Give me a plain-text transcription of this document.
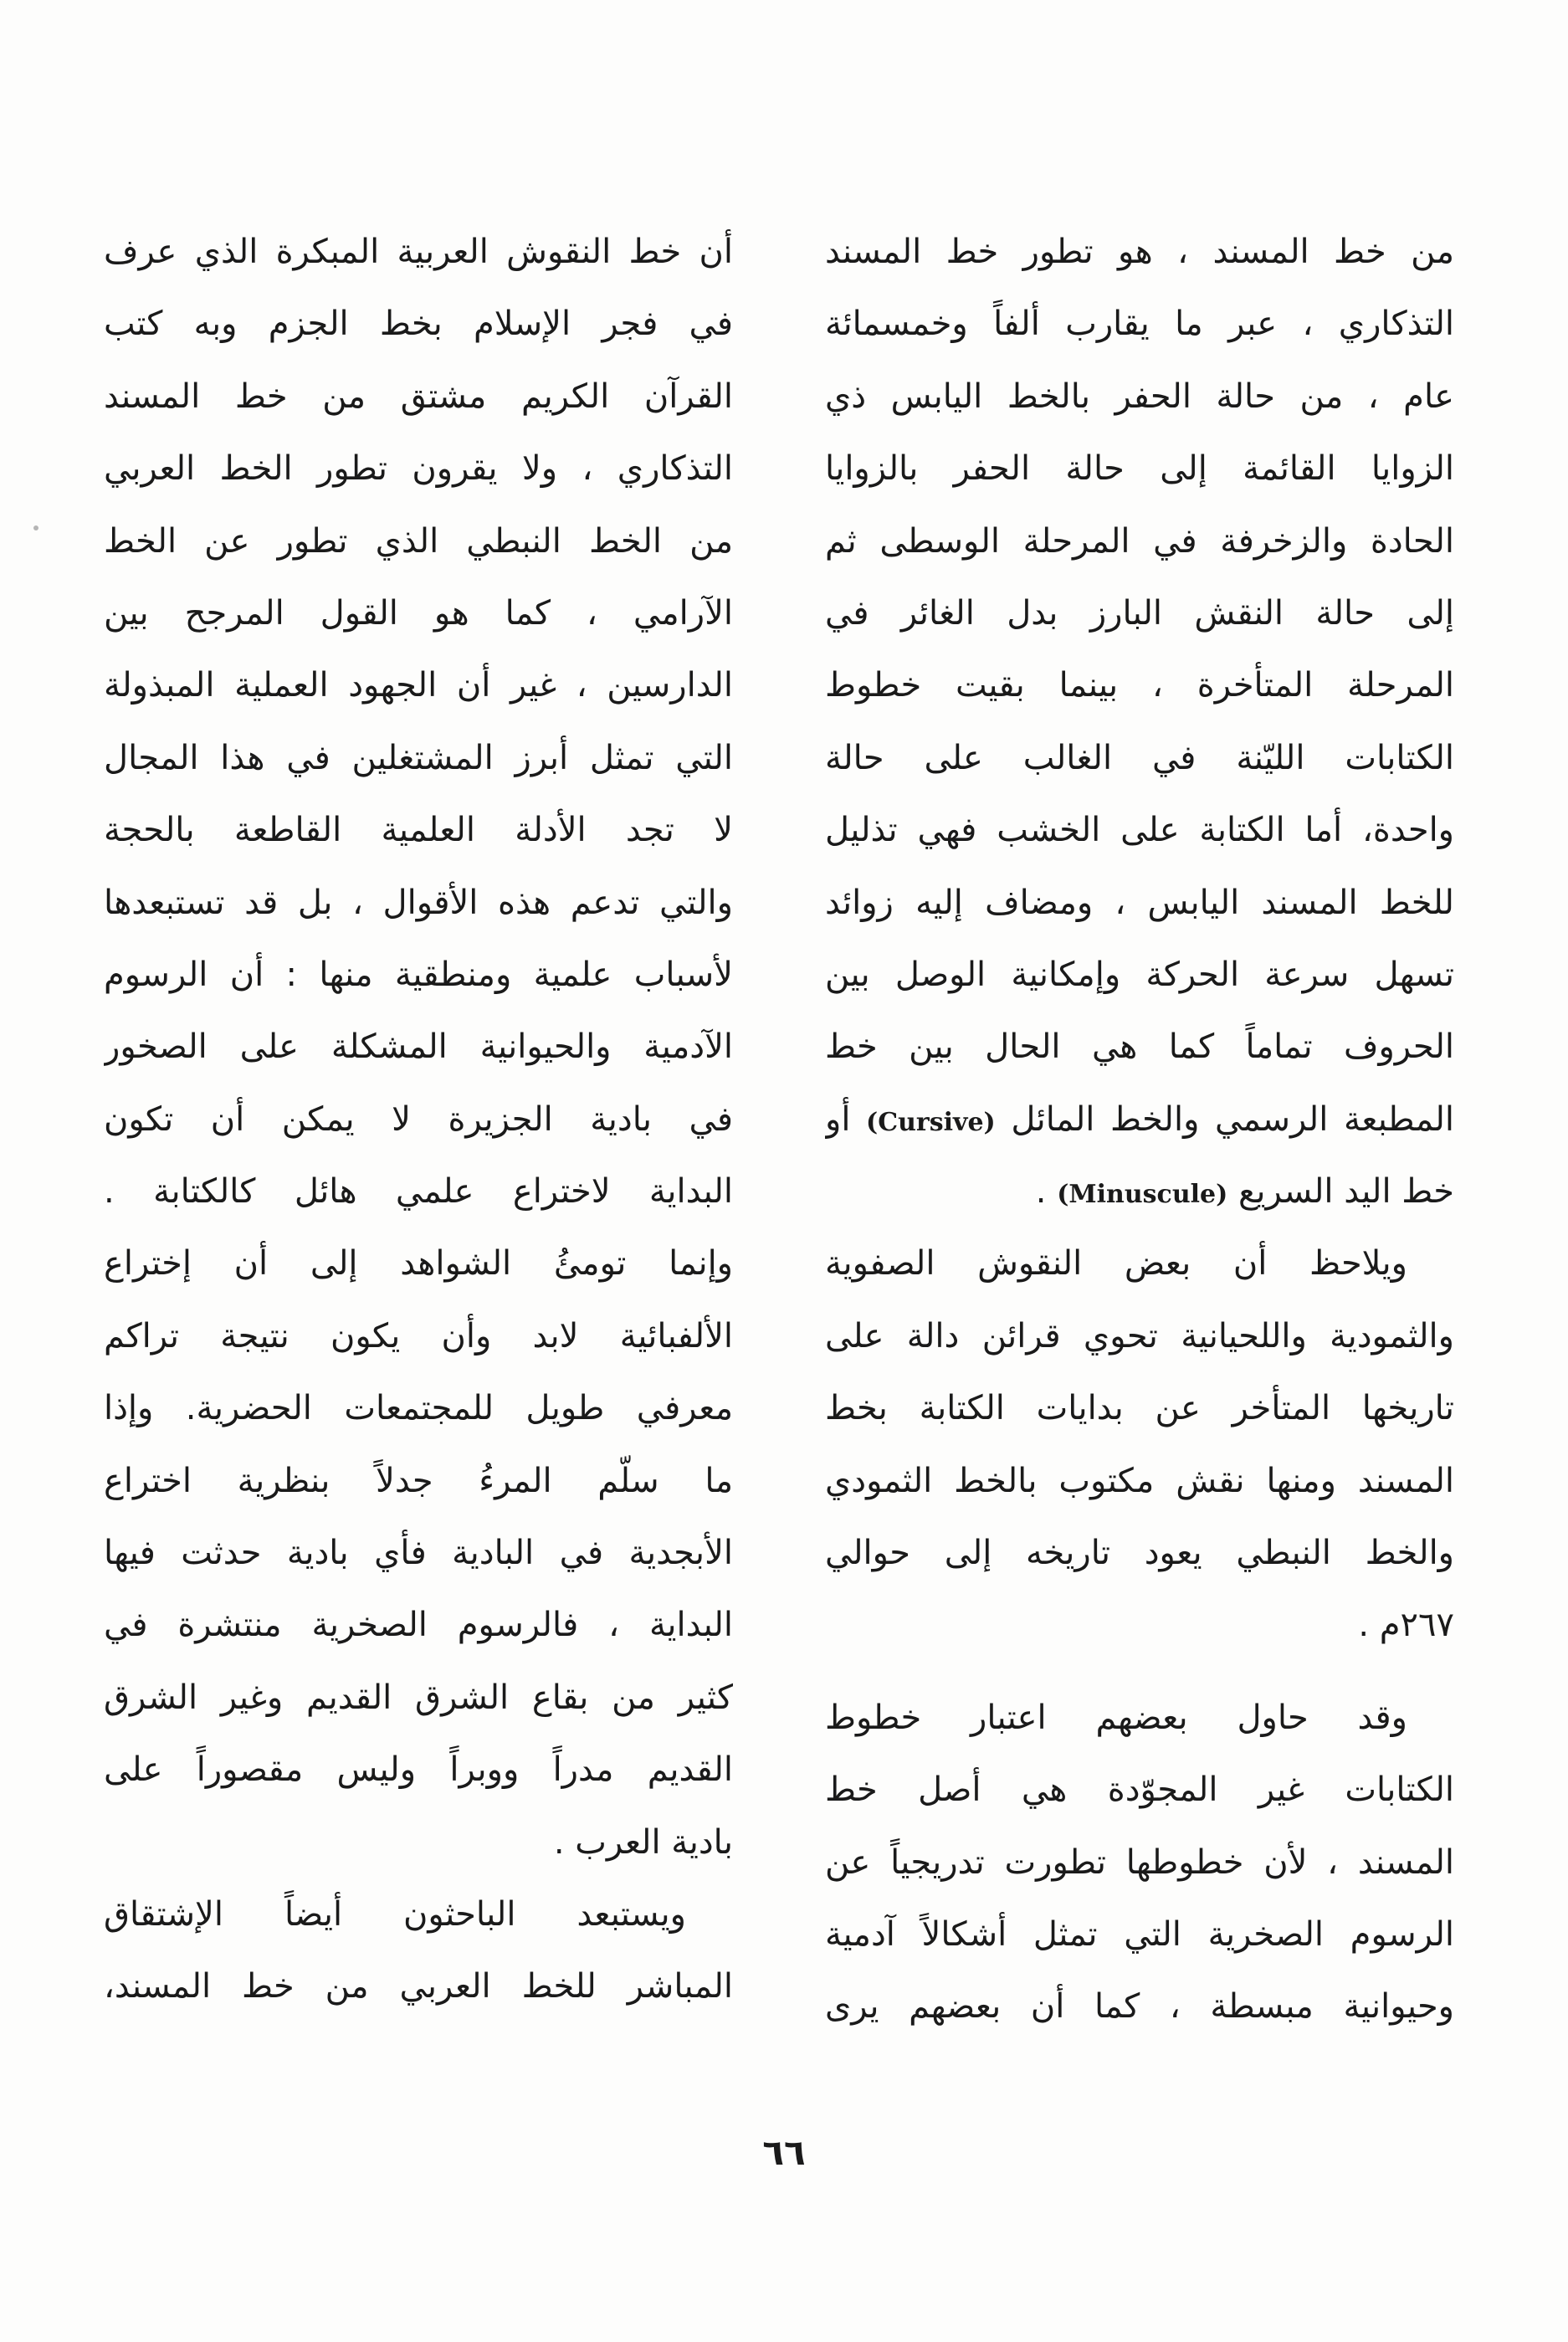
من خط المسند ، هو تطور خط المسند
التذكاري ، عبر ما يقارب ألفاً وخمسمائة
عام ، من حالة الحفر بالخط اليابس ذي
الزوايا القائمة إلى حالة الحفر بالزوايا
الحادة والزخرفة في المرحلة الوسطى ثم
إلى حالة النقش البارز بدل الغائر في
المرحلة المتأخرة ، بينما بقيت خطوط
الكتابات الليّنة في الغالب على حالة
واحدة، أما الكتابة على الخشب فهي تذليل
للخط المسند اليابس ، ومضاف إليه زوائد
تسهل سرعة الحركة وإمكانية الوصل بين
الحروف تماماً كما هي الحال بين خط
المطبعة الرسمي والخط المائل (Cursive) أو
خط اليد السريع (Minuscule) .
ويلاحظ أن بعض النقوش الصفوية
والثمودية واللحيانية تحوي قرائن دالة على
تاريخها المتأخر عن بدايات الكتابة بخط
المسند ومنها نقش مكتوب بالخط الثمودي
والخط النبطي يعود تاريخه إلى حوالي
٢٦٧م .
وقد حاول بعضهم اعتبار خطوط
الكتابات غير المجوّدة هي أصل خط
المسند ، لأن خطوطها تطورت تدريجياً عن
الرسوم الصخرية التي تمثل أشكالاً آدمية
وحيوانية مبسطة ، كما أن بعضهم يرى
أن خط النقوش العربية المبكرة الذي عرف
في فجر الإسلام بخط الجزم وبه كتب
القرآن الكريم مشتق من خط المسند
التذكاري ، ولا يقرون تطور الخط العربي
من الخط النبطي الذي تطور عن الخط
الآرامي ، كما هو القول المرجح بين
الدارسين ، غير أن الجهود العملية المبذولة
التي تمثل أبرز المشتغلين في هذا المجال
لا تجد الأدلة العلمية القاطعة بالحجة
والتي تدعم هذه الأقوال ، بل قد تستبعدها
لأسباب علمية ومنطقية منها : أن الرسوم
الآدمية والحيوانية المشكلة على الصخور
في بادية الجزيرة لا يمكن أن تكون
البداية لاختراع علمي هائل كالكتابة .
وإنما تومئُ الشواهد إلى أن إختراع
الألفبائية لابد وأن يكون نتيجة تراكم
معرفي طويل للمجتمعات الحضرية. وإذا
ما سلّم المرءُ جدلاً بنظرية اختراع
الأبجدية في البادية فأي بادية حدثت فيها
البداية ، فالرسوم الصخرية منتشرة في
كثير من بقاع الشرق القديم وغير الشرق
القديم مدراً ووبراً وليس مقصوراً على
بادية العرب .
ويستبعد الباحثون أيضاً الإشتقاق
المباشر للخط العربي من خط المسند،
٦٦
